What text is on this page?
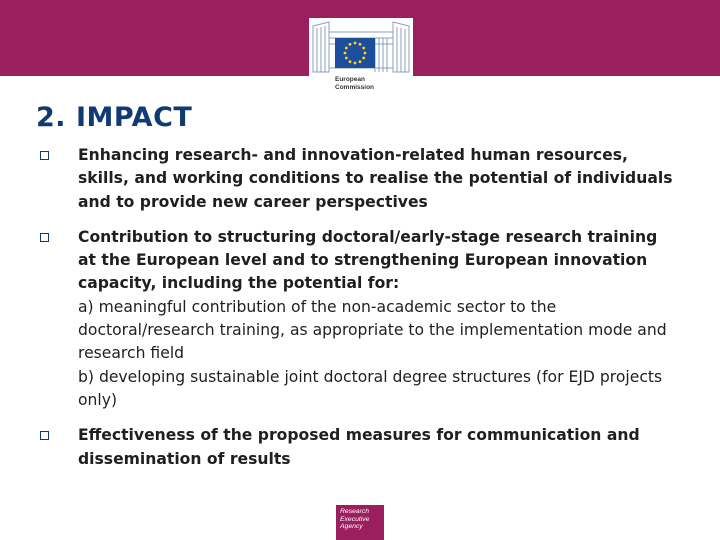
European
Commission
2. IMPACT
Enhancing research- and innovation-related human resources, skills, and working conditions to realise the potential of individuals and to provide new career perspectives
Contribution to structuring doctoral/early-stage research training at the European level and to strengthening European innovation capacity, including the potential for:
a) meaningful contribution of the non-academic sector to the doctoral/research training, as appropriate to the implementation mode and research field
b) developing sustainable joint doctoral degree structures (for EJD projects only)
Effectiveness of the proposed measures for communication and dissemination of results
Research
Executive
Agency
